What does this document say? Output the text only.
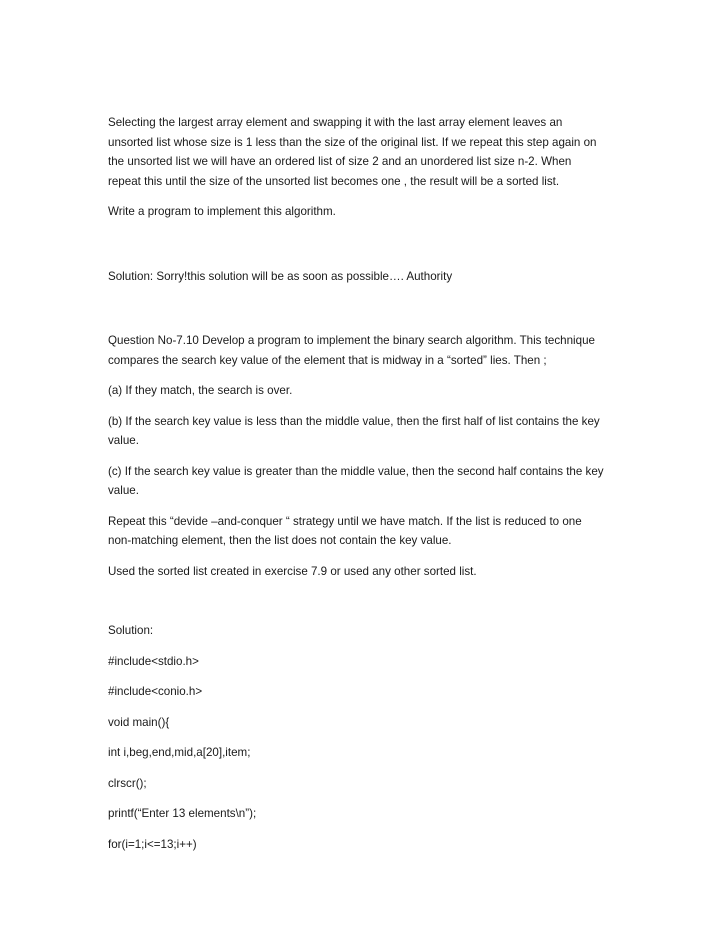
Selecting the largest array element and swapping it with the last array element leaves an
unsorted list whose size is 1 less than the size of the original list. If we repeat this step again on
the unsorted list we will have an ordered list of size 2 and an unordered list size n-2. When
repeat this until the size of the unsorted list becomes one , the result will be a sorted list.

Write a program to implement this algorithm.

Solution: Sorry!this solution will be as soon as possible…. Authority

Question No-7.10 Develop a program to implement the binary search algorithm. This technique
compares the search key value of the element that is midway in a “sorted” lies. Then ;

(a) If they match, the search is over.

(b) If the search key value is less than the middle value, then the first half of list contains the key
value.

(c) If the search key value is greater than the middle value, then the second half contains the key
value.

Repeat this “devide –and-conquer “ strategy until we have match. If the list is reduced to one
non-matching element, then the list does not contain the key value.

Used the sorted list created in exercise 7.9 or used any other sorted list.

Solution:

#include<stdio.h>

#include<conio.h>

void main(){

int i,beg,end,mid,a[20],item;

clrscr();

printf(“Enter 13 elements\n”);

for(i=1;i<=13;i++)
